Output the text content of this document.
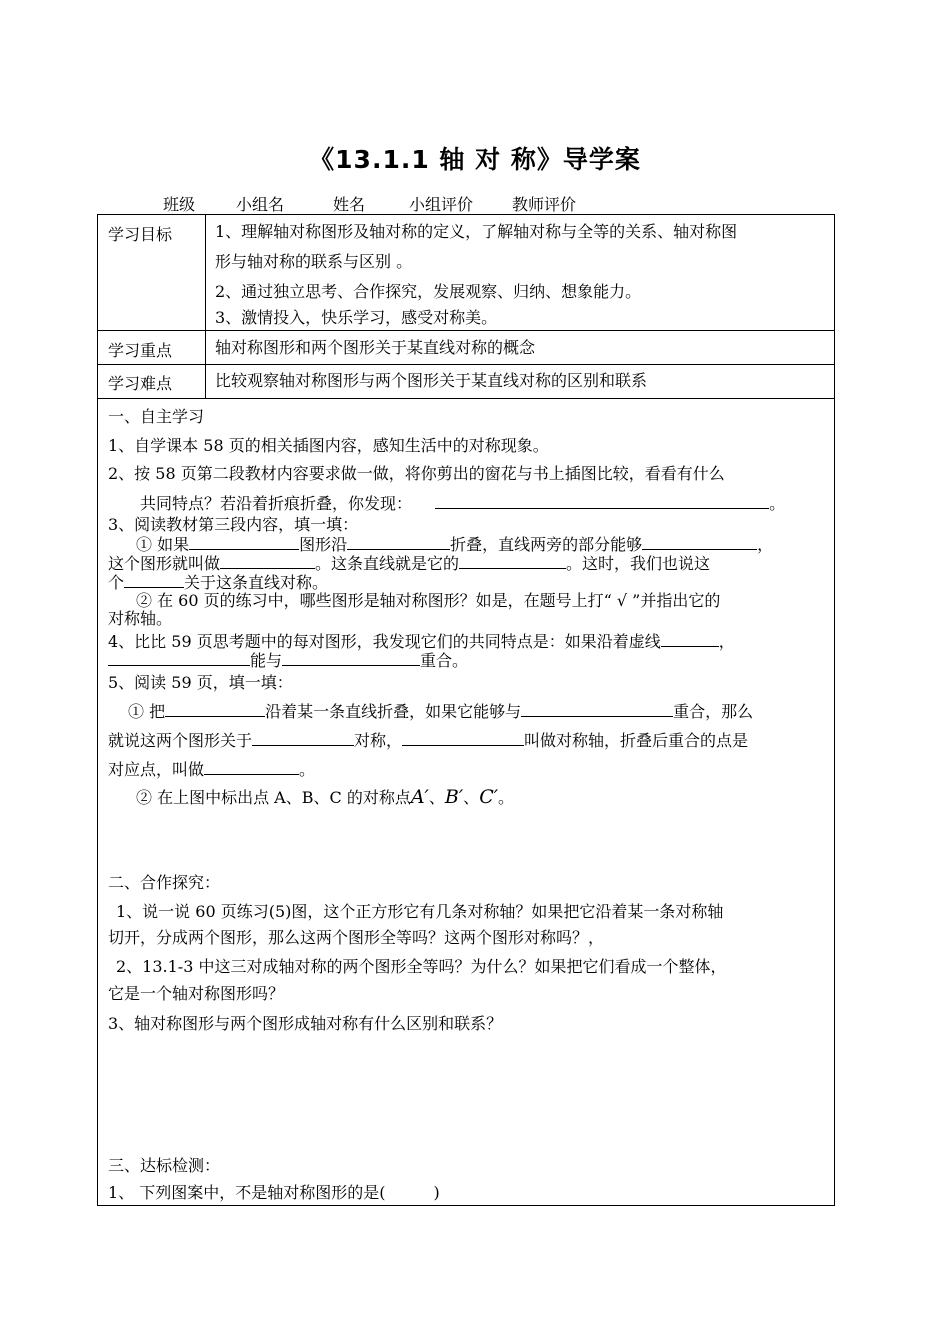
《13.1.1 轴 对 称》导学案
班级	小组名	姓名	小组评价 教师评价
学习目标	1、理解轴对称图形及轴对称的定义，了解轴对称与全等的关系、轴对称图
形与轴对称的联系与区别 。
2、通过独立思考、合作探究，发展观察、归纳、想象能力。
3、激情投入，快乐学习，感受对称美。
学习重点	轴对称图形和两个图形关于某直线对称的概念
学习难点	比较观察轴对称图形与两个图形关于某直线对称的区别和联系
一、自主学习
1、自学课本 58 页的相关插图内容，感知生活中的对称现象。
2、按 58 页第二段教材内容要求做一做，将你剪出的窗花与书上插图比较，看看有什么
共同特点？若沿着折痕折叠，你发现：	。
3、阅读教材第三段内容，填一填：
① 如果	图形沿	折叠，直线两旁的部分能够	，
这个图形就叫做	。这条直线就是它的	。这时，我们也说这
个	关于这条直线对称。
② 在 60 页的练习中，哪些图形是轴对称图形？如是，在题号上打“ √ ”并指出它的
对称轴。
4、比比 59 页思考题中的每对图形，我发现它们的共同特点是：如果沿着虚线	，
能与	重合。
5、阅读 59 页，填一填：
① 把	沿着某一条直线折叠，如果它能够与	重合，那么
就说这两个图形关于	对称，	叫做对称轴，折叠后重合的点是
对应点，叫做	。
② 在上图中标出点 A、B、C 的对称点A′、B′、C′。
二、合作探究：
1、说一说 60 页练习(5)图，这个正方形它有几条对称轴？如果把它沿着某一条对称轴
切开，分成两个图形，那么这两个图形全等吗？这两个图形对称吗？，
2、13.1-3 中这三对成轴对称的两个图形全等吗？为什么？如果把它们看成一个整体，
它是一个轴对称图形吗？
3、轴对称图形与两个图形成轴对称有什么区别和联系？
三、达标检测：
1、 下列图案中，不是轴对称图形的是(　　　)
